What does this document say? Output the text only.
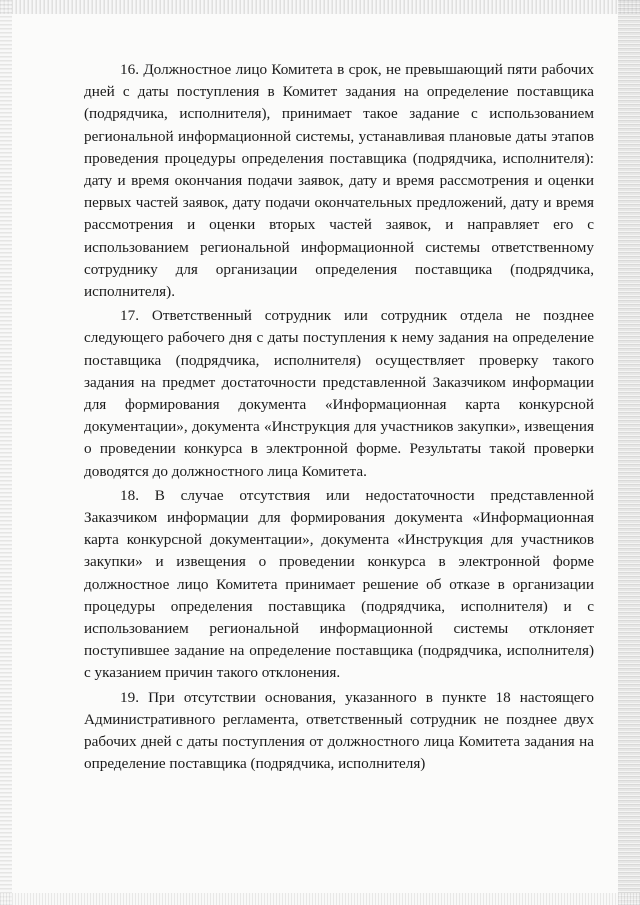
16. Должностное лицо Комитета в срок, не превышающий пяти рабочих дней с даты поступления в Комитет задания на определение поставщика (подрядчика, исполнителя), принимает такое задание с использованием региональной информационной системы, устанавливая плановые даты этапов проведения процедуры определения поставщика (подрядчика, исполнителя): дату и время окончания подачи заявок, дату и время рассмотрения и оценки первых частей заявок, дату подачи окончательных предложений, дату и время рассмотрения и оценки вторых частей заявок, и направляет его с использованием региональной информационной системы ответственному сотруднику для организации определения поставщика (подрядчика, исполнителя).

17. Ответственный сотрудник или сотрудник отдела не позднее следующего рабочего дня с даты поступления к нему задания на определение поставщика (подрядчика, исполнителя) осуществляет проверку такого задания на предмет достаточности представленной Заказчиком информации для формирования документа «Информационная карта конкурсной документации», документа «Инструкция для участников закупки», извещения о проведении конкурса в электронной форме. Результаты такой проверки доводятся до должностного лица Комитета.

18. В случае отсутствия или недостаточности представленной Заказчиком информации для формирования документа «Информационная карта конкурсной документации», документа «Инструкция для участников закупки» и извещения о проведении конкурса в электронной форме должностное лицо Комитета принимает решение об отказе в организации процедуры определения поставщика (подрядчика, исполнителя) и с использованием региональной информационной системы отклоняет поступившее задание на определение поставщика (подрядчика, исполнителя) с указанием причин такого отклонения.

19. При отсутствии основания, указанного в пункте 18 настоящего Административного регламента, ответственный сотрудник не позднее двух рабочих дней с даты поступления от должностного лица Комитета задания на определение поставщика (подрядчика, исполнителя)
